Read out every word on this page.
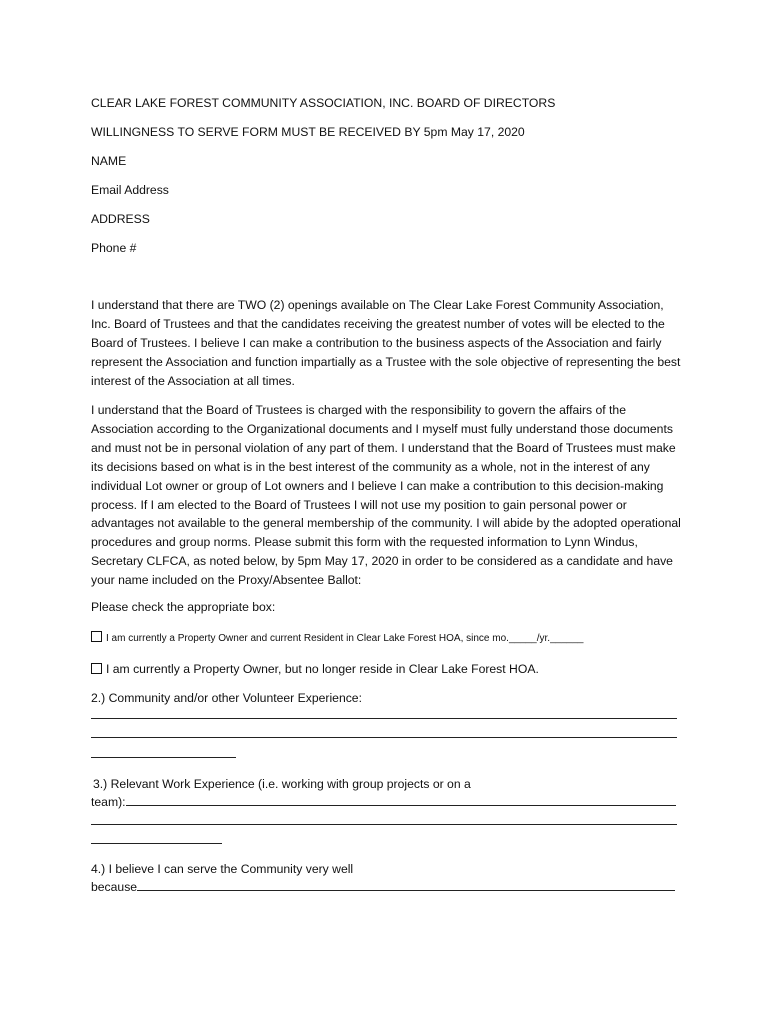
CLEAR LAKE FOREST COMMUNITY ASSOCIATION, INC. BOARD OF DIRECTORS

WILLINGNESS TO SERVE FORM MUST BE RECEIVED BY 5pm May 17, 2020

NAME

Email Address

ADDRESS

Phone #

I understand that there are TWO (2) openings available on The Clear Lake Forest Community Association, Inc. Board of Trustees and that the candidates receiving the greatest number of votes will be elected to the Board of Trustees. I believe I can make a contribution to the business aspects of the Association and fairly represent the Association and function impartially as a Trustee with the sole objective of representing the best interest of the Association at all times.

I understand that the Board of Trustees is charged with the responsibility to govern the affairs of the Association according to the Organizational documents and I myself must fully understand those documents and must not be in personal violation of any part of them. I understand that the Board of Trustees must make its decisions based on what is in the best interest of the community as a whole, not in the interest of any individual Lot owner or group of Lot owners and I believe I can make a contribution to this decision-making process. If I am elected to the Board of Trustees I will not use my position to gain personal power or advantages not available to the general membership of the community. I will abide by the adopted operational procedures and group norms. Please submit this form with the requested information to Lynn Windus, Secretary CLFCA, as noted below, by 5pm May 17, 2020 in order to be considered as a candidate and have your name included on the Proxy/Absentee Ballot:

Please check the appropriate box:

I am currently a Property Owner and current Resident in Clear Lake Forest HOA, since mo._____/yr.______

I am currently a Property Owner, but no longer reside in Clear Lake Forest HOA.

2.) Community and/or other Volunteer Experience:

3.) Relevant Work Experience (i.e. working with group projects or on a

team):

4.) I believe I can serve the Community very well

because
